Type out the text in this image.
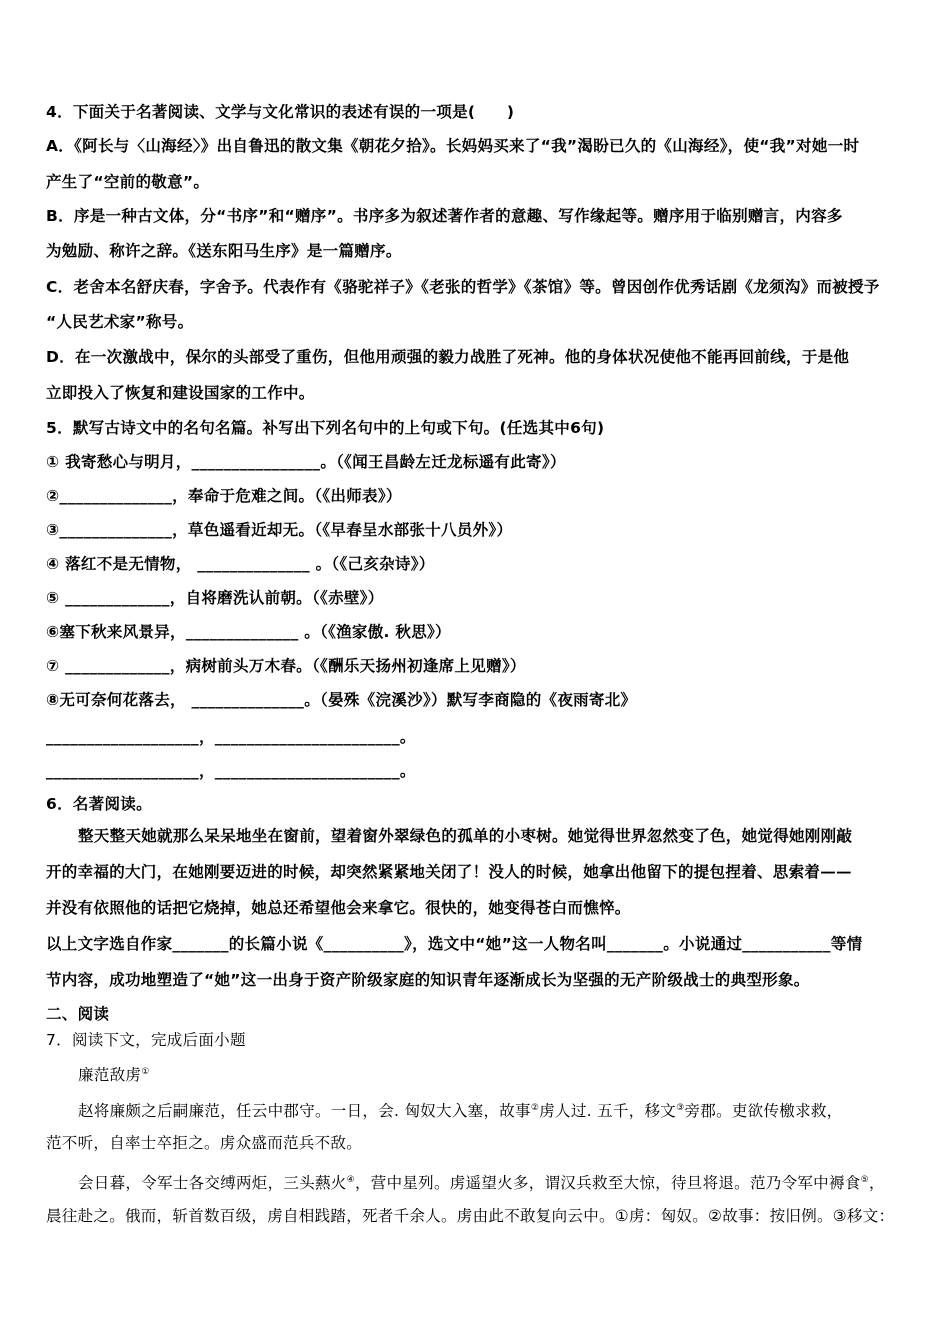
4．下面关于名著阅读、文学与文化常识的表述有误的一项是(　　)
A．《阿长与〈山海经〉》出自鲁迅的散文集《朝花夕拾》。长妈妈买来了“我”渴盼已久的《山海经》，使“我”对她一时
产生了“空前的敬意”。
B．序是一种古文体，分“书序”和“赠序”。书序多为叙述著作者的意趣、写作缘起等。赠序用于临别赠言，内容多
为勉励、称许之辞。《送东阳马生序》是一篇赠序。
C．老舍本名舒庆春，字舍予。代表作有《骆驼祥子》《老张的哲学》《茶馆》等。曾因创作优秀话剧《龙须沟》而被授予
“人民艺术家”称号。
D．在一次激战中，保尔的头部受了重伤，但他用顽强的毅力战胜了死神。他的身体状况使他不能再回前线，于是他
立即投入了恢复和建设国家的工作中。
5．默写古诗文中的名句名篇。补写出下列名句中的上句或下句。(任选其中6句)
① 我寄愁心与明月，________________。（《闻王昌龄左迁龙标遥有此寄》）
②______________，奉命于危难之间。（《出师表》）
③______________，草色遥看近却无。（《早春呈水部张十八员外》）
④ 落红不是无情物， ______________ 。（《己亥杂诗》）
⑤ _____________，自将磨洗认前朝。（《赤壁》）
⑥塞下秋来风景异，______________ 。（《渔家傲. 秋思》）
⑦ _____________，病树前头万木春。（《酬乐天扬州初逢席上见赠》）
⑧无可奈何花落去， ______________。（晏殊《浣溪沙》）默写李商隐的《夜雨寄北》
___________________，_______________________。
___________________，_______________________。
6．名著阅读。
整天整天她就那么呆呆地坐在窗前，望着窗外翠绿色的孤单的小枣树。她觉得世界忽然变了色，她觉得她刚刚敲
开的幸福的大门，在她刚要迈进的时候，却突然紧紧地关闭了！没人的时候，她拿出他留下的提包捏着、思索着——
并没有依照他的话把它烧掉，她总还希望他会来拿它。很快的，她变得苍白而憔悴。
以上文字选自作家_______的长篇小说《__________》，选文中“她”这一人物名叫_______。小说通过___________等情
节内容，成功地塑造了“她”这一出身于资产阶级家庭的知识青年逐渐成长为坚强的无产阶级战士的典型形象。
二、阅读
7．阅读下文，完成后面小题
廉范敌虏①
赵将廉颇之后嗣廉范，任云中郡守。一日，会. 匈奴大入塞，故事②虏人过. 五千，移文③旁郡。吏欲传檄求救，
范不听，自率士卒拒之。虏众盛而范兵不敌。
会日暮，令军士各交缚两炬，三头爇火④，营中星列。虏遥望火多，谓汉兵救至大惊，待旦将退。范乃令军中褥食⑤，
晨往赴之。俄而，斩首数百级，虏自相践踏，死者千余人。虏由此不敢复向云中。①虏：匈奴。②故事：按旧例。③移文：
